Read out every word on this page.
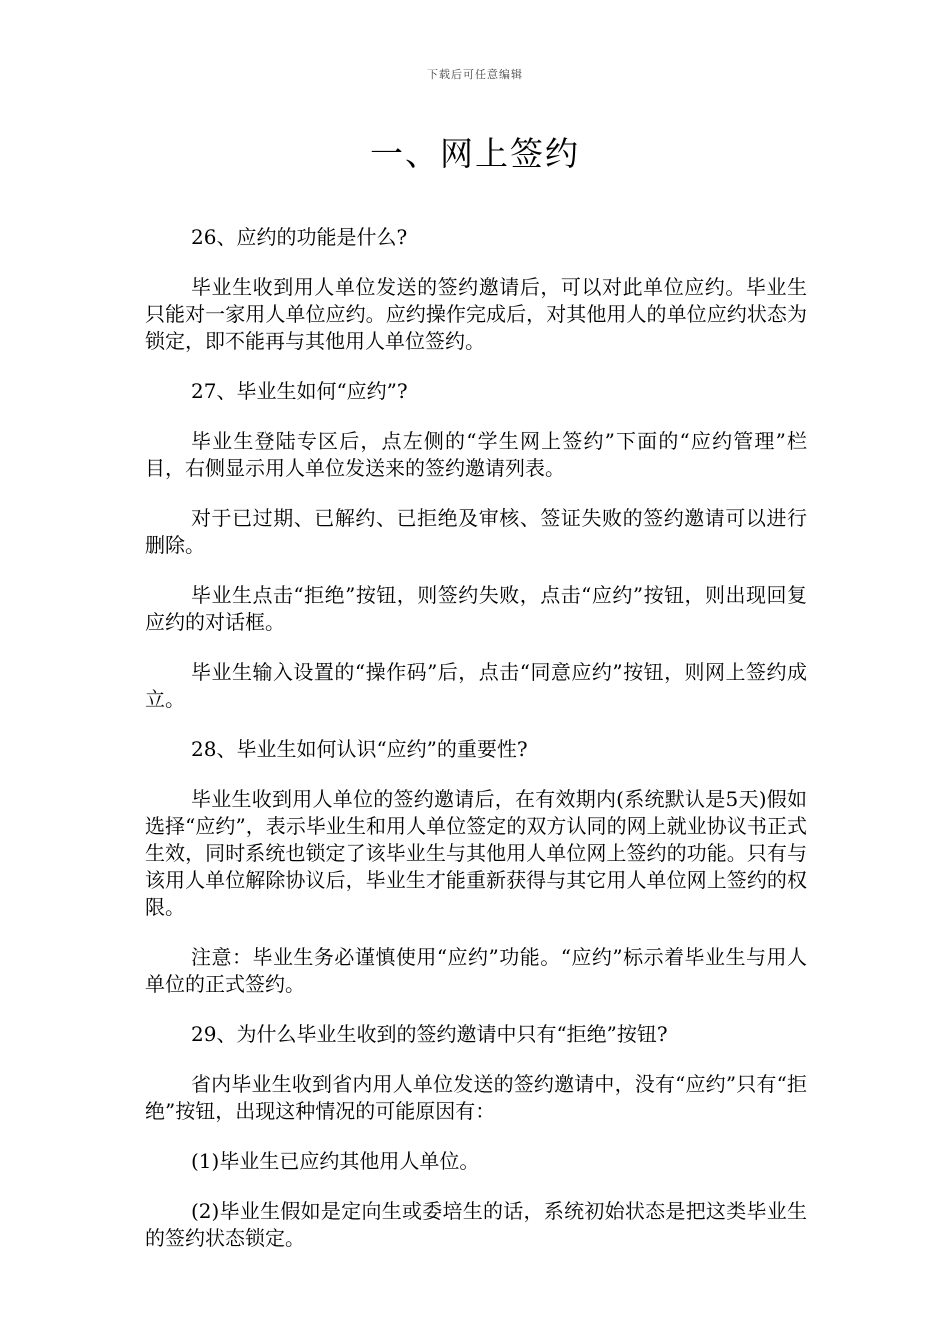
下载后可任意编辑
一、网上签约

26、应约的功能是什么?

毕业生收到用人单位发送的签约邀请后，可以对此单位应约。毕业生只能对一家用人单位应约。应约操作完成后，对其他用人的单位应约状态为锁定，即不能再与其他用人单位签约。

27、毕业生如何“应约”?

毕业生登陆专区后，点左侧的“学生网上签约”下面的“应约管理”栏目，右侧显示用人单位发送来的签约邀请列表。

对于已过期、已解约、已拒绝及审核、签证失败的签约邀请可以进行删除。

毕业生点击“拒绝”按钮，则签约失败，点击“应约”按钮，则出现回复应约的对话框。

毕业生输入设置的“操作码”后，点击“同意应约”按钮，则网上签约成立。

28、毕业生如何认识“应约”的重要性?

毕业生收到用人单位的签约邀请后，在有效期内(系统默认是5天)假如选择“应约”，表示毕业生和用人单位签定的双方认同的网上就业协议书正式生效，同时系统也锁定了该毕业生与其他用人单位网上签约的功能。只有与该用人单位解除协议后，毕业生才能重新获得与其它用人单位网上签约的权限。

注意：毕业生务必谨慎使用“应约”功能。“应约”标示着毕业生与用人单位的正式签约。

29、为什么毕业生收到的签约邀请中只有“拒绝”按钮?

省内毕业生收到省内用人单位发送的签约邀请中，没有“应约”只有“拒绝”按钮，出现这种情况的可能原因有：

(1)毕业生已应约其他用人单位。

(2)毕业生假如是定向生或委培生的话，系统初始状态是把这类毕业生的签约状态锁定。
